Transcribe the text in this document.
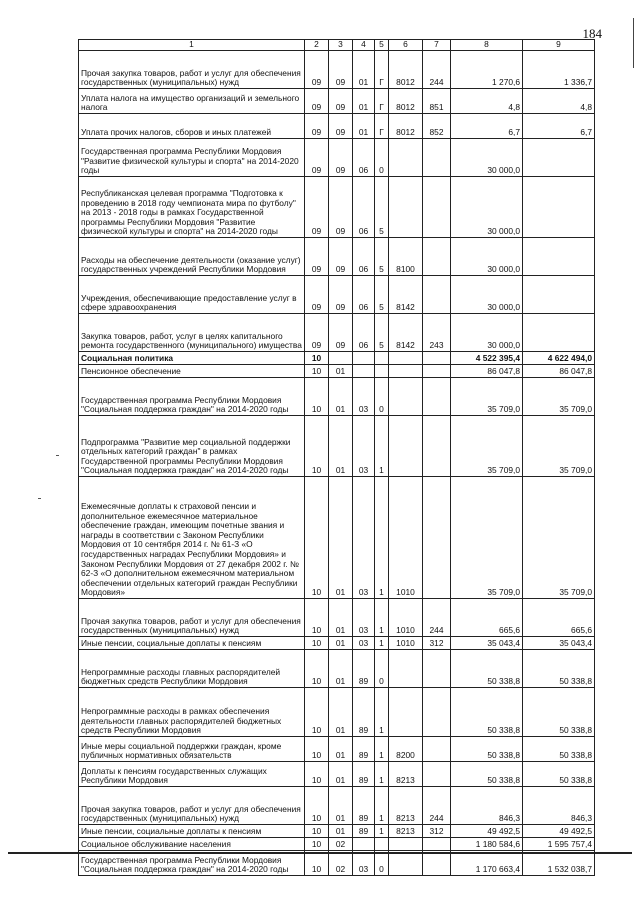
184
1	2	3	4	5	6	7	8	9
Прочая закупка товаров, работ и услуг для обеспечения государственных (муниципальных) нужд	09	09	01	Г	8012	244	1 270,6	1 336,7
Уплата налога на имущество организаций и земельного налога	09	09	01	Г	8012	851	4,8	4,8
Уплата прочих налогов, сборов и иных платежей	09	09	01	Г	8012	852	6,7	6,7
Государственная программа Республики Мордовия "Развитие физической культуры и спорта" на 2014-2020 годы	09	09	06	0			30 000,0	
Республиканская целевая программа "Подготовка к проведению в 2018 году чемпионата мира по футболу" на 2013 - 2018 годы в рамках Государственной программы Республики Мордовия "Развитие физической культуры и спорта" на 2014-2020 годы	09	09	06	5			30 000,0	
Расходы на обеспечение деятельности (оказание услуг) государственных учреждений Республики Мордовия	09	09	06	5	8100		30 000,0	
Учреждения, обеспечивающие предоставление услуг в сфере здравоохранения	09	09	06	5	8142		30 000,0	
Закупка товаров, работ, услуг в целях капитального ремонта государственного (муниципального) имущества	09	09	06	5	8142	243	30 000,0	
Социальная политика	10						4 522 395,4	4 622 494,0
Пенсионное обеспечение	10	01					86 047,8	86 047,8
Государственная программа Республики Мордовия "Социальная поддержка граждан" на 2014-2020 годы	10	01	03	0			35 709,0	35 709,0
Подпрограмма "Развитие мер социальной поддержки отдельных категорий граждан" в рамках Государственной программы Республики Мордовия "Социальная поддержка граждан" на 2014-2020 годы	10	01	03	1			35 709,0	35 709,0
Ежемесячные доплаты к страховой пенсии и дополнительное ежемесячное материальное обеспечение граждан, имеющим почетные звания и награды в соответствии с Законом Республики Мордовия от 10 сентября 2014 г. № 61-З «О государственных наградах Республики Мордовия» и Законом Республики Мордовия от 27 декабря 2002 г. № 62-З «О дополнительном ежемесячном материальном обеспечении отдельных категорий граждан Республики Мордовия»	10	01	03	1	1010		35 709,0	35 709,0
Прочая закупка товаров, работ и услуг для обеспечения государственных (муниципальных) нужд	10	01	03	1	1010	244	665,6	665,6
Иные пенсии, социальные доплаты к пенсиям	10	01	03	1	1010	312	35 043,4	35 043,4
Непрограммные расходы главных распорядителей бюджетных средств Республики Мордовия	10	01	89	0			50 338,8	50 338,8
Непрограммные расходы в рамках обеспечения деятельности главных распорядителей бюджетных средств Республики Мордовия	10	01	89	1			50 338,8	50 338,8
Иные меры социальной поддержки граждан, кроме публичных нормативных обязательств	10	01	89	1	8200		50 338,8	50 338,8
Доплаты к пенсиям государственных служащих Республики Мордовия	10	01	89	1	8213		50 338,8	50 338,8
Прочая закупка товаров, работ и услуг для обеспечения государственных (муниципальных) нужд	10	01	89	1	8213	244	846,3	846,3
Иные пенсии, социальные доплаты к пенсиям	10	01	89	1	8213	312	49 492,5	49 492,5
Социальное обслуживание населения	10	02					1 180 584,6	1 595 757,4
Государственная программа Республики Мордовия "Социальная поддержка граждан" на 2014-2020 годы	10	02	03	0			1 170 663,4	1 532 038,7
